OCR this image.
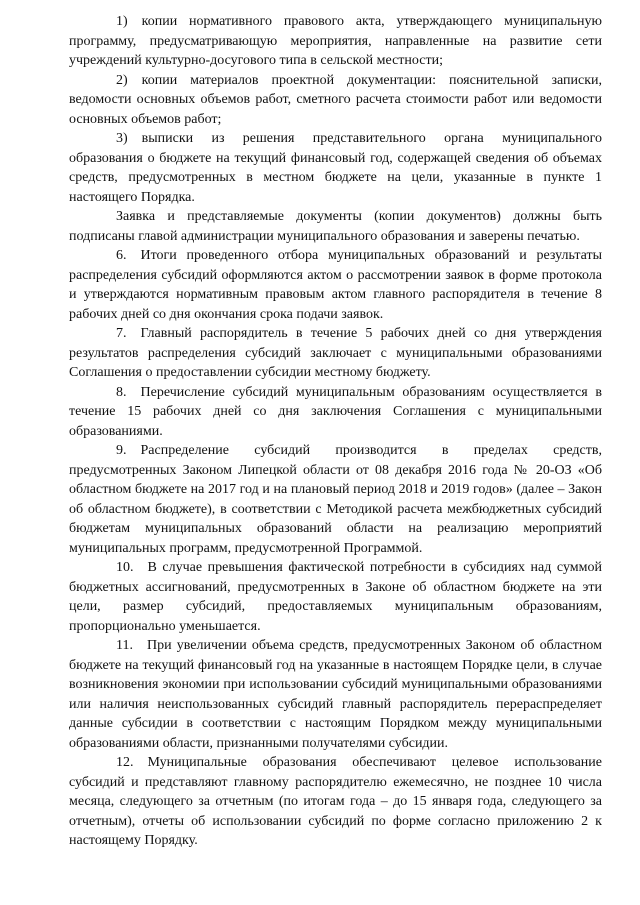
1) копии нормативного правового акта, утверждающего муниципальную программу, предусматривающую мероприятия, направленные на развитие сети учреждений культурно-досугового типа в сельской местности;

2) копии материалов проектной документации: пояснительной записки, ведомости основных объемов работ, сметного расчета стоимости работ или ведомости основных объемов работ;

3) выписки из решения представительного органа муниципального образования о бюджете на текущий финансовый год, содержащей сведения об объемах средств, предусмотренных в местном бюджете на цели, указанные в пункте 1 настоящего Порядка.

Заявка и представляемые документы (копии документов) должны быть подписаны главой администрации муниципального образования и заверены печатью.

6. Итоги проведенного отбора муниципальных образований и результаты распределения субсидий оформляются актом о рассмотрении заявок в форме протокола и утверждаются нормативным правовым актом главного распорядителя в течение 8 рабочих дней со дня окончания срока подачи заявок.

7. Главный распорядитель в течение 5 рабочих дней со дня утверждения результатов распределения субсидий заключает с муниципальными образованиями Соглашения о предоставлении субсидии местному бюджету.

8. Перечисление субсидий муниципальным образованиям осуществляется в течение 15 рабочих дней со дня заключения Соглашения с муниципальными образованиями.

9. Распределение субсидий производится в пределах средств, предусмотренных Законом Липецкой области от 08 декабря 2016 года № 20-ОЗ «Об областном бюджете на 2017 год и на плановый период 2018 и 2019 годов» (далее – Закон об областном бюджете), в соответствии с Методикой расчета межбюджетных субсидий бюджетам муниципальных образований области на реализацию мероприятий муниципальных программ, предусмотренной Программой.

10. В случае превышения фактической потребности в субсидиях над суммой бюджетных ассигнований, предусмотренных в Законе об областном бюджете на эти цели, размер субсидий, предоставляемых муниципальным образованиям, пропорционально уменьшается.

11. При увеличении объема средств, предусмотренных Законом об областном бюджете на текущий финансовый год на указанные в настоящем Порядке цели, в случае возникновения экономии при использовании субсидий муниципальными образованиями или наличия неиспользованных субсидий главный распорядитель перераспределяет данные субсидии в соответствии с настоящим Порядком между муниципальными образованиями области, признанными получателями субсидии.

12. Муниципальные образования обеспечивают целевое использование субсидий и представляют главному распорядителю ежемесячно, не позднее 10 числа месяца, следующего за отчетным (по итогам года – до 15 января года, следующего за отчетным), отчеты об использовании субсидий по форме согласно приложению 2 к настоящему Порядку.
